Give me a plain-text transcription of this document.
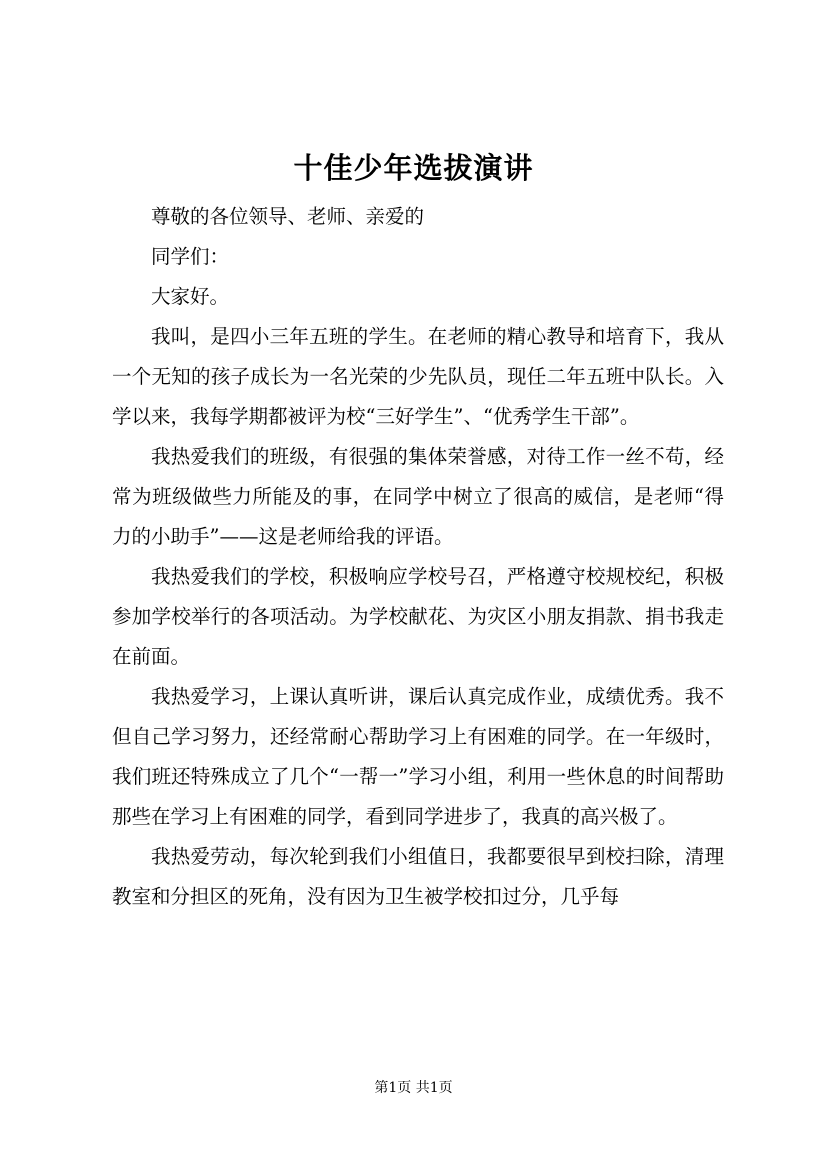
十佳少年选拔演讲

尊敬的各位领导、老师、亲爱的

同学们：

大家好。

我叫，是四小三年五班的学生。在老师的精心教导和培育下，我从一个无知的孩子成长为一名光荣的少先队员，现任二年五班中队长。入学以来，我每学期都被评为校“三好学生”、“优秀学生干部”。

我热爱我们的班级，有很强的集体荣誉感，对待工作一丝不苟，经常为班级做些力所能及的事，在同学中树立了很高的威信，是老师“得力的小助手”——这是老师给我的评语。

我热爱我们的学校，积极响应学校号召，严格遵守校规校纪，积极参加学校举行的各项活动。为学校献花、为灾区小朋友捐款、捐书我走在前面。

我热爱学习，上课认真听讲，课后认真完成作业，成绩优秀。我不但自己学习努力，还经常耐心帮助学习上有困难的同学。在一年级时，我们班还特殊成立了几个“一帮一”学习小组，利用一些休息的时间帮助那些在学习上有困难的同学，看到同学进步了，我真的高兴极了。

我热爱劳动，每次轮到我们小组值日，我都要很早到校扫除，清理教室和分担区的死角，没有因为卫生被学校扣过分，几乎每

第1页 共1页
